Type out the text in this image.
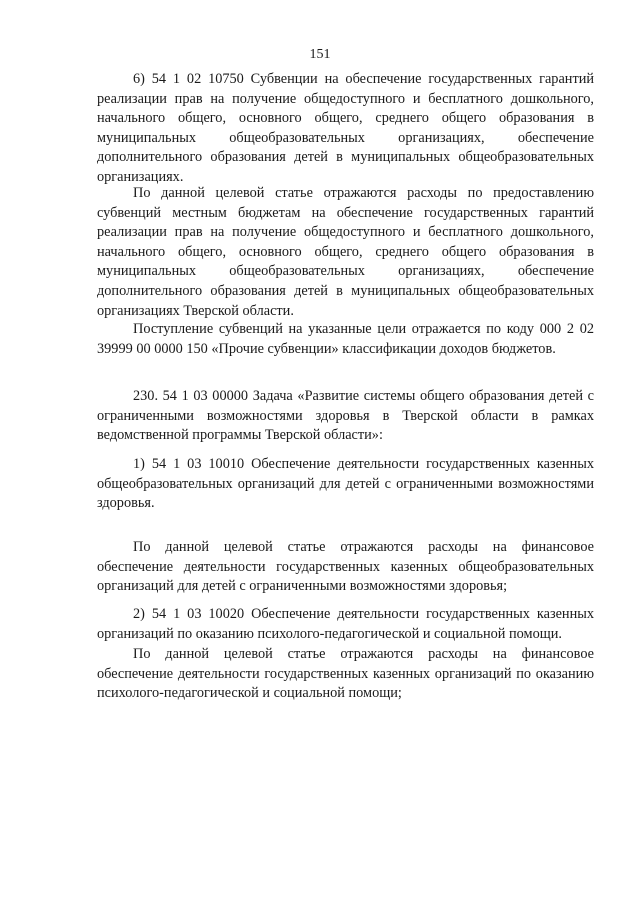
151

6) 54 1 02 10750 Субвенции на обеспечение государственных гарантий реализации прав на получение общедоступного и бесплатного дошкольного, начального общего, основного общего, среднего общего образования в муниципальных общеобразовательных организациях, обеспечение дополнительного образования детей в муниципальных общеобразовательных организациях.

По данной целевой статье отражаются расходы по предоставлению субвенций местным бюджетам на обеспечение государственных гарантий реализации прав на получение общедоступного и бесплатного дошкольного, начального общего, основного общего, среднего общего образования в муниципальных общеобразовательных организациях, обеспечение дополнительного образования детей в муниципальных общеобразовательных организациях Тверской области.

Поступление субвенций на указанные цели отражается по коду 000 2 02 39999 00 0000 150 «Прочие субвенции» классификации доходов бюджетов.

230. 54 1 03 00000 Задача «Развитие системы общего образования детей с ограниченными возможностями здоровья в Тверской области в рамках ведомственной программы Тверской области»:

1) 54 1 03 10010 Обеспечение деятельности государственных казенных общеобразовательных организаций для детей с ограниченными возможностями здоровья.

По данной целевой статье отражаются расходы на финансовое обеспечение деятельности государственных казенных общеобразовательных организаций для детей с ограниченными возможностями здоровья;

2) 54 1 03 10020 Обеспечение деятельности государственных казенных организаций по оказанию психолого-педагогической и социальной помощи.

По данной целевой статье отражаются расходы на финансовое обеспечение деятельности государственных казенных организаций по оказанию психолого-педагогической и социальной помощи;
